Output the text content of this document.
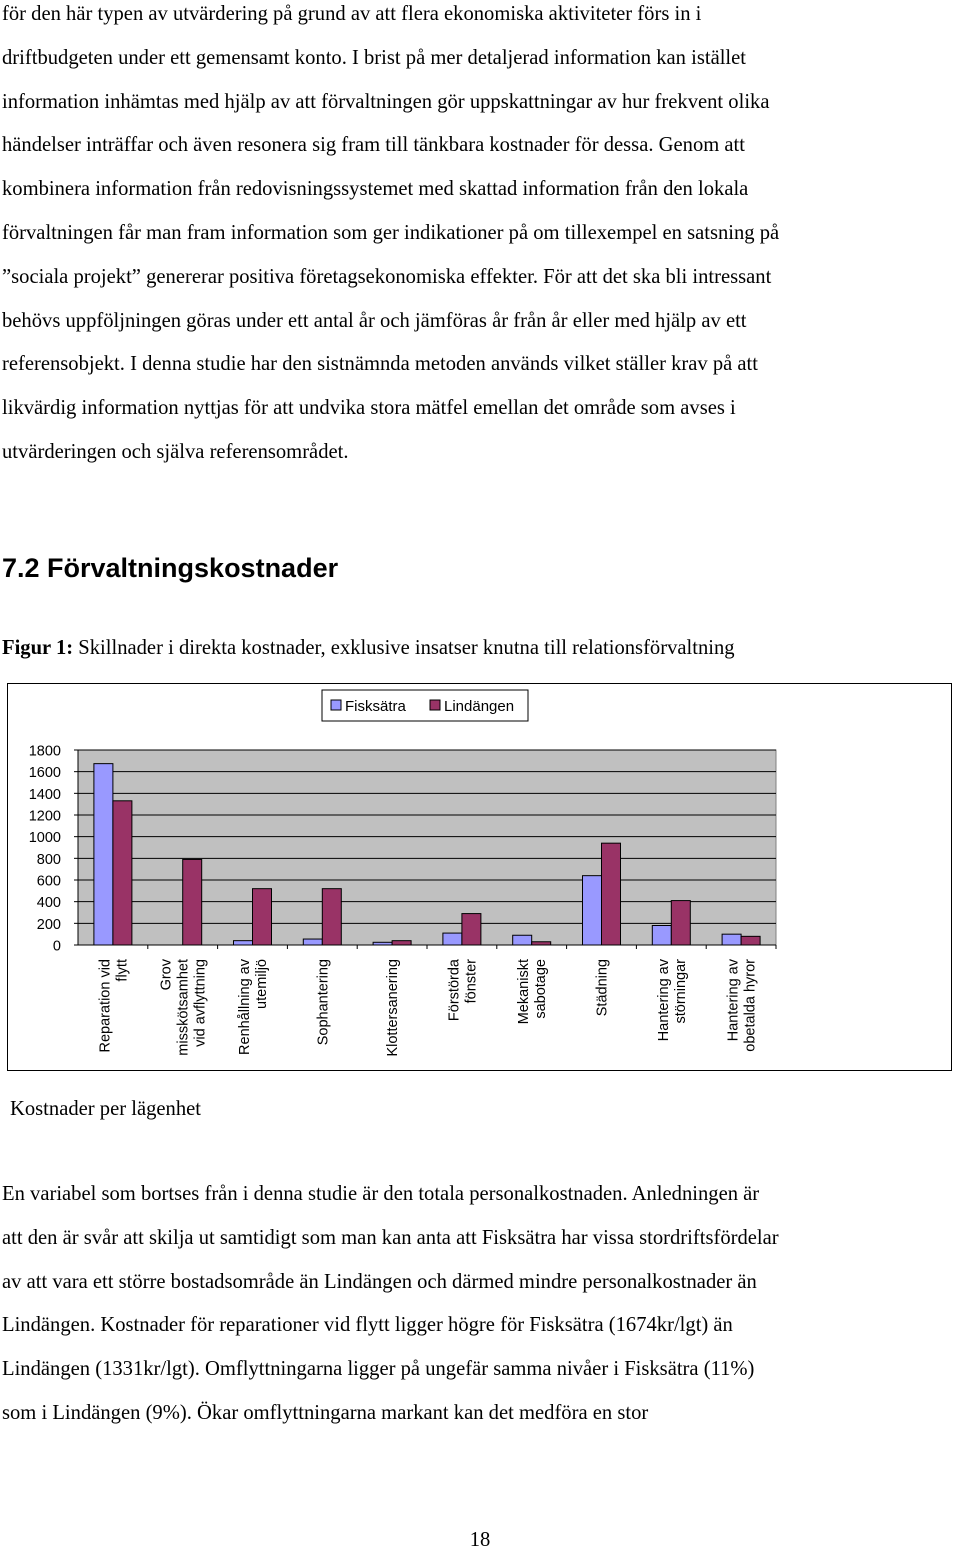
för den här typen av utvärdering på grund av att flera ekonomiska aktiviteter förs in i
driftbudgeten under ett gemensamt konto. I brist på mer detaljerad information kan istället
information inhämtas med hjälp av att förvaltningen gör uppskattningar av hur frekvent olika
händelser inträffar och även resonera sig fram till tänkbara kostnader för dessa. Genom att
kombinera information från redovisningssystemet med skattad information från den lokala
förvaltningen får man fram information som ger indikationer på om tillexempel en satsning på
”sociala projekt” genererar positiva företagsekonomiska effekter. För att det ska bli intressant
behövs uppföljningen göras under ett antal år och jämföras år från år eller med hjälp av ett
referensobjekt. I denna studie har den sistnämnda metoden används vilket ställer krav på att
likvärdig information nyttjas för att undvika stora mätfel emellan det område som avses i
utvärderingen och själva referensområdet.
7.2 Förvaltningskostnader

Figur 1: Skillnader i direkta kostnader, exklusive insatser knutna till relationsförvaltning

0
200
400
600
800
1000
1200
1400
1600
1800
Reparation vid flytt Grov misskötsamhet vid avflyttning Renhållning av utemiljö	Sophantering	Klottersanering	Förstörda fönster	Mekaniskt sabotage	Städning	Hantering av störningar	Hantering av obetalda hyror
Fisksätra	Lindängen

Kostnader per lägenhet

En variabel som bortses från i denna studie är den totala personalkostnaden. Anledningen är
att den är svår att skilja ut samtidigt som man kan anta att Fisksätra har vissa stordriftsfördelar
av att vara ett större bostadsområde än Lindängen och därmed mindre personalkostnader än
Lindängen. Kostnader för reparationer vid flytt ligger högre för Fisksätra (1674kr/lgt) än
Lindängen (1331kr/lgt). Omflyttningarna ligger på ungefär samma nivåer i Fisksätra (11%)
som i Lindängen (9%). Ökar omflyttningarna markant kan det medföra en stor

18
